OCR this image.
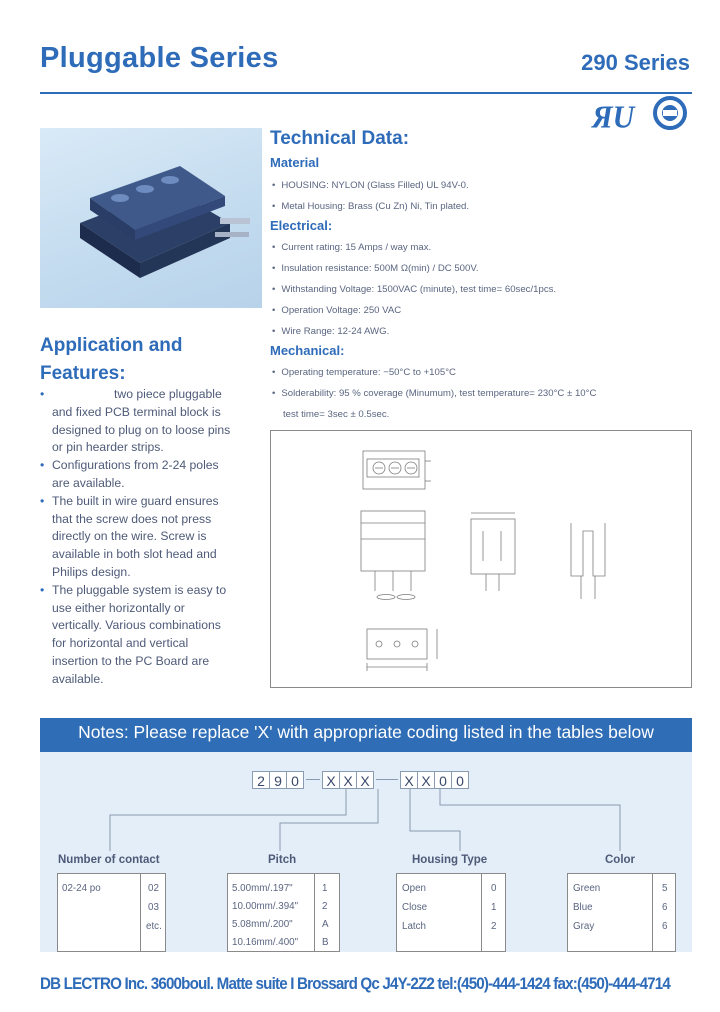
Pluggable Series	290 Series
ЯU
Application and
Features:
• two piece pluggable and fixed PCB terminal block is designed to plug on to loose pins or pin hearder strips.
• Configurations from 2-24 poles are available.
• The built in wire guard ensures that the screw does not press directly on the wire. Screw is available in both slot head and Philips design.
• The pluggable system is easy to use either horizontally or vertically. Various combinations for horizontal and vertical insertion to the PC Board are available.
Technical Data:
Material
• HOUSING: NYLON (Glass Filled) UL 94V-0.
• Metal Housing: Brass (Cu Zn) Ni, Tin plated.
Electrical:
• Current rating: 15 Amps / way max.
• Insulation resistance: 500M Ω(min) / DC 500V.
• Withstanding Voltage: 1500VAC (minute), test time= 60sec/1pcs.
• Operation Voltage: 250 VAC
• Wire Range: 12-24 AWG.
Mechanical:
• Operating temperature: −50°C to +105°C
• Solderability: 95 % coverage (Minumum), test temperature= 230°C ± 10°C
test time= 3sec ± 0.5sec.
Notes: Please replace 'X' with appropriate coding listed in the tables below
2 9 0	X X X	X X 0 0
Number of contact	Pitch	Housing Type	Color
02-24 po	02
03
etc.
5.00mm/.197"	1
10.00mm/.394" 2
5.08mm/.200"	A
10.16mm/.400" B
Open	0
Close	1
Latch	2
Green	5
Blue	6
Gray	6
DB LECTRO Inc. 3600boul. Matte suite I Brossard Qc J4Y-2Z2 tel:(450)-444-1424 fax:(450)-444-4714
